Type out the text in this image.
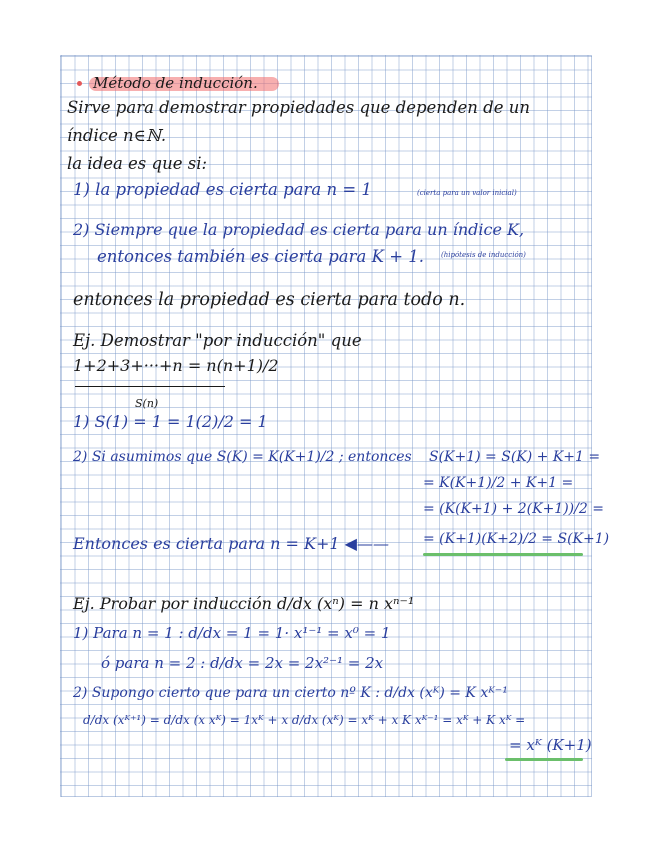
Método de inducción.
Sirve para demostrar propiedades que dependen de un
índice n∈ℕ.
la idea es que si:
1) la propiedad es cierta para n = 1	(cierta para un valor inicial)
2) Siempre que la propiedad es cierta para un índice K,
entonces también es cierta para K + 1. (hipótesis de inducción)
entonces la propiedad es cierta para todo n.
Ej. Demostrar "por inducción" que
1+2+3+···+n = n(n+1)/2
S(n)
1) S(1) = 1 = 1(2)/2 = 1
2) Si asumimos que S(K) = K(K+1)/2 ; entonces S(K+1) = S(K) + K+1 =
= K(K+1)/2 + K+1 =
= (K(K+1) + 2(K+1))/2 =
= (K+1)(K+2)/2 = S(K+1)
Entonces es cierta para n = K+1 ◀——
Ej. Probar por inducción d/dx (xⁿ) = n xⁿ⁻¹
1) Para n = 1 : d/dx = 1 = 1· x¹⁻¹ = x⁰ = 1
ó para n = 2 : d/dx = 2x = 2x²⁻¹ = 2x
2) Supongo cierto que para un cierto nº K : d/dx (xᴷ) = K xᴷ⁻¹
d/dx (xᴷ⁺¹) = d/dx (x xᴷ) = 1xᴷ + x d/dx (xᴷ) = xᴷ + x K xᴷ⁻¹ = xᴷ + K xᴷ =
= xᴷ (K+1)
